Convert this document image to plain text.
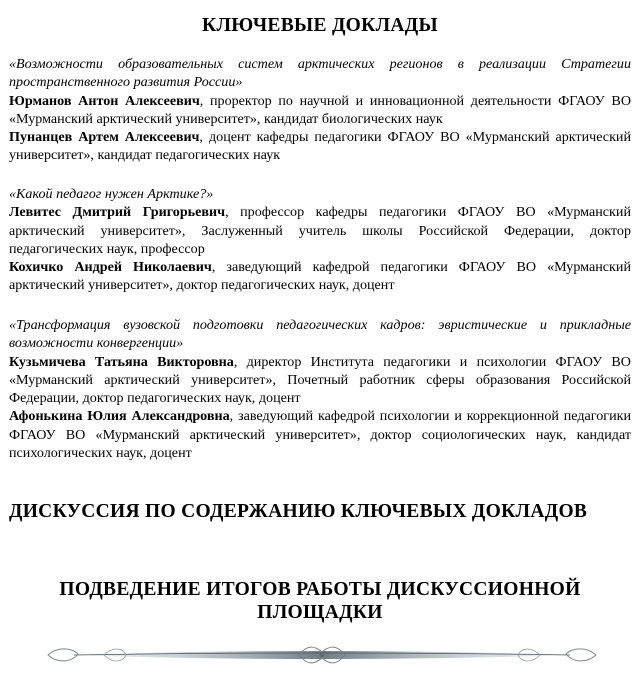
КЛЮЧЕВЫЕ ДОКЛАДЫ

«Возможности образовательных систем арктических регионов в реализации Стратегии пространственного развития России»

Юрманов Антон Алексеевич, проректор по научной и инновационной деятельности ФГАОУ ВО «Мурманский арктический университет», кандидат биологических наук

Пунанцев Артем Алексеевич, доцент кафедры педагогики ФГАОУ ВО «Мурманский арктический университет», кандидат педагогических наук

«Какой педагог нужен Арктике?»

Левитес Дмитрий Григорьевич, профессор кафедры педагогики ФГАОУ ВО «Мурманский арктический университет», Заслуженный учитель школы Российской Федерации, доктор педагогических наук, профессор

Кохичко Андрей Николаевич, заведующий кафедрой педагогики ФГАОУ ВО «Мурманский арктический университет», доктор педагогических наук, доцент

«Трансформация вузовской подготовки педагогических кадров: эвристические и прикладные возможности конвергенции»

Кузьмичева Татьяна Викторовна, директор Института педагогики и психологии ФГАОУ ВО «Мурманский арктический университет», Почетный работник сферы образования Российской Федерации, доктор педагогических наук, доцент

Афонькина Юлия Александровна, заведующий кафедрой психологии и коррекционной педагогики ФГАОУ ВО «Мурманский арктический университет», доктор социологических наук, кандидат психологических наук, доцент

ДИСКУССИЯ ПО СОДЕРЖАНИЮ КЛЮЧЕВЫХ ДОКЛАДОВ
ПОДВЕДЕНИЕ ИТОГОВ РАБОТЫ ДИСКУССИОННОЙ
ПЛОЩАДКИ
